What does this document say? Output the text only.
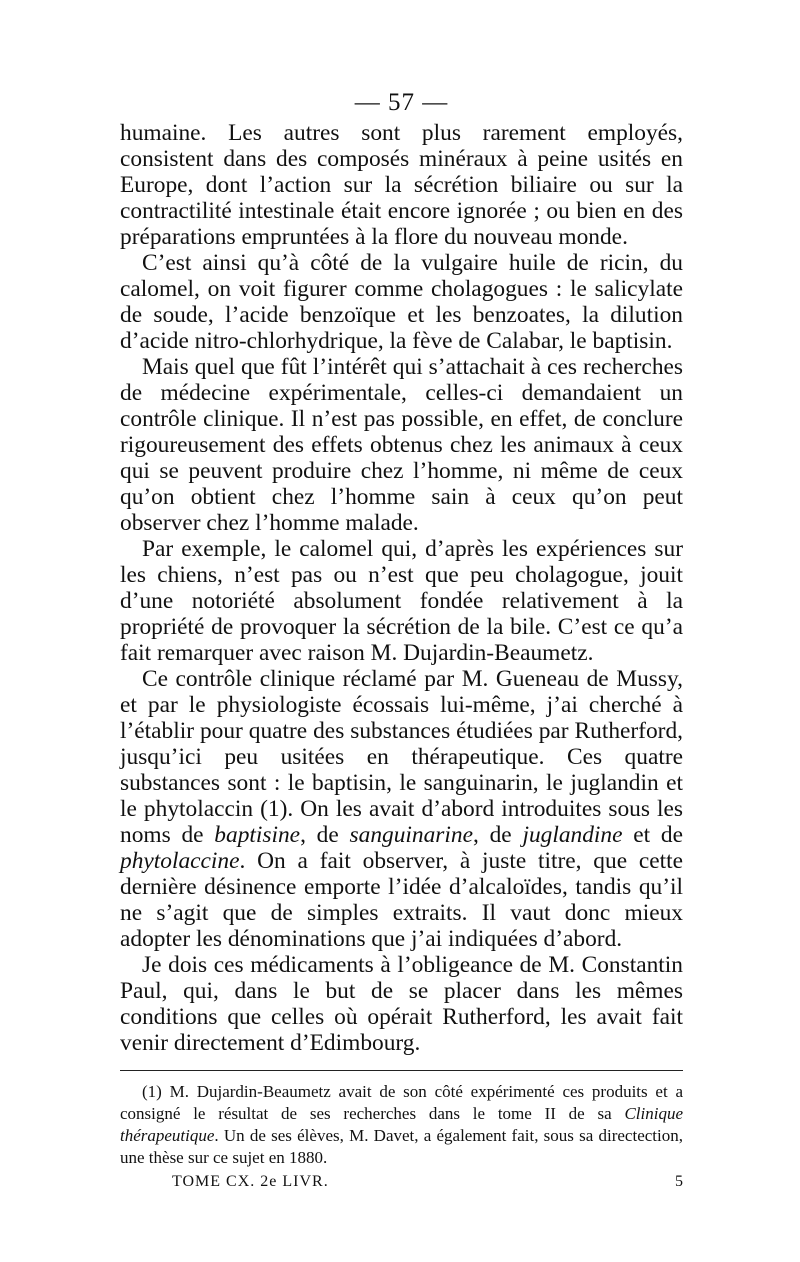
— 57 —

humaine. Les autres sont plus rarement employés, consistent dans des composés minéraux à peine usités en Europe, dont l’action sur la sécrétion biliaire ou sur la contractilité intestinale était encore ignorée ; ou bien en des préparations empruntées à la flore du nouveau monde.

C’est ainsi qu’à côté de la vulgaire huile de ricin, du calomel, on voit figurer comme cholagogues : le salicylate de soude, l’acide benzoïque et les benzoates, la dilution d’acide nitro-chlorhydrique, la fève de Calabar, le baptisin.

Mais quel que fût l’intérêt qui s’attachait à ces recherches de médecine expérimentale, celles-ci demandaient un contrôle clinique. Il n’est pas possible, en effet, de conclure rigoureusement des effets obtenus chez les animaux à ceux qui se peuvent produire chez l’homme, ni même de ceux qu’on obtient chez l’homme sain à ceux qu’on peut observer chez l’homme malade.

Par exemple, le calomel qui, d’après les expériences sur les chiens, n’est pas ou n’est que peu cholagogue, jouit d’une notoriété absolument fondée relativement à la propriété de provoquer la sécrétion de la bile. C’est ce qu’a fait remarquer avec raison M. Dujardin-Beaumetz.

Ce contrôle clinique réclamé par M. Gueneau de Mussy, et par le physiologiste écossais lui-même, j’ai cherché à l’établir pour quatre des substances étudiées par Rutherford, jusqu’ici peu usitées en thérapeutique. Ces quatre substances sont : le baptisin, le sanguinarin, le juglandin et le phytolaccin (1). On les avait d’abord introduites sous les noms de baptisine, de sanguinarine, de juglandine et de phytolaccine. On a fait observer, à juste titre, que cette dernière désinence emporte l’idée d’alcaloïdes, tandis qu’il ne s’agit que de simples extraits. Il vaut donc mieux adopter les dénominations que j’ai indiquées d’abord.

Je dois ces médicaments à l’obligeance de M. Constantin Paul, qui, dans le but de se placer dans les mêmes conditions que celles où opérait Rutherford, les avait fait venir directement d’Edimbourg.

(1) M. Dujardin-Beaumetz avait de son côté expérimenté ces produits et a consigné le résultat de ses recherches dans le tome II de sa Clinique thérapeutique. Un de ses élèves, M. Davet, a également fait, sous sa directection, une thèse sur ce sujet en 1880.
TOME CX. 2e LIVR.	5
